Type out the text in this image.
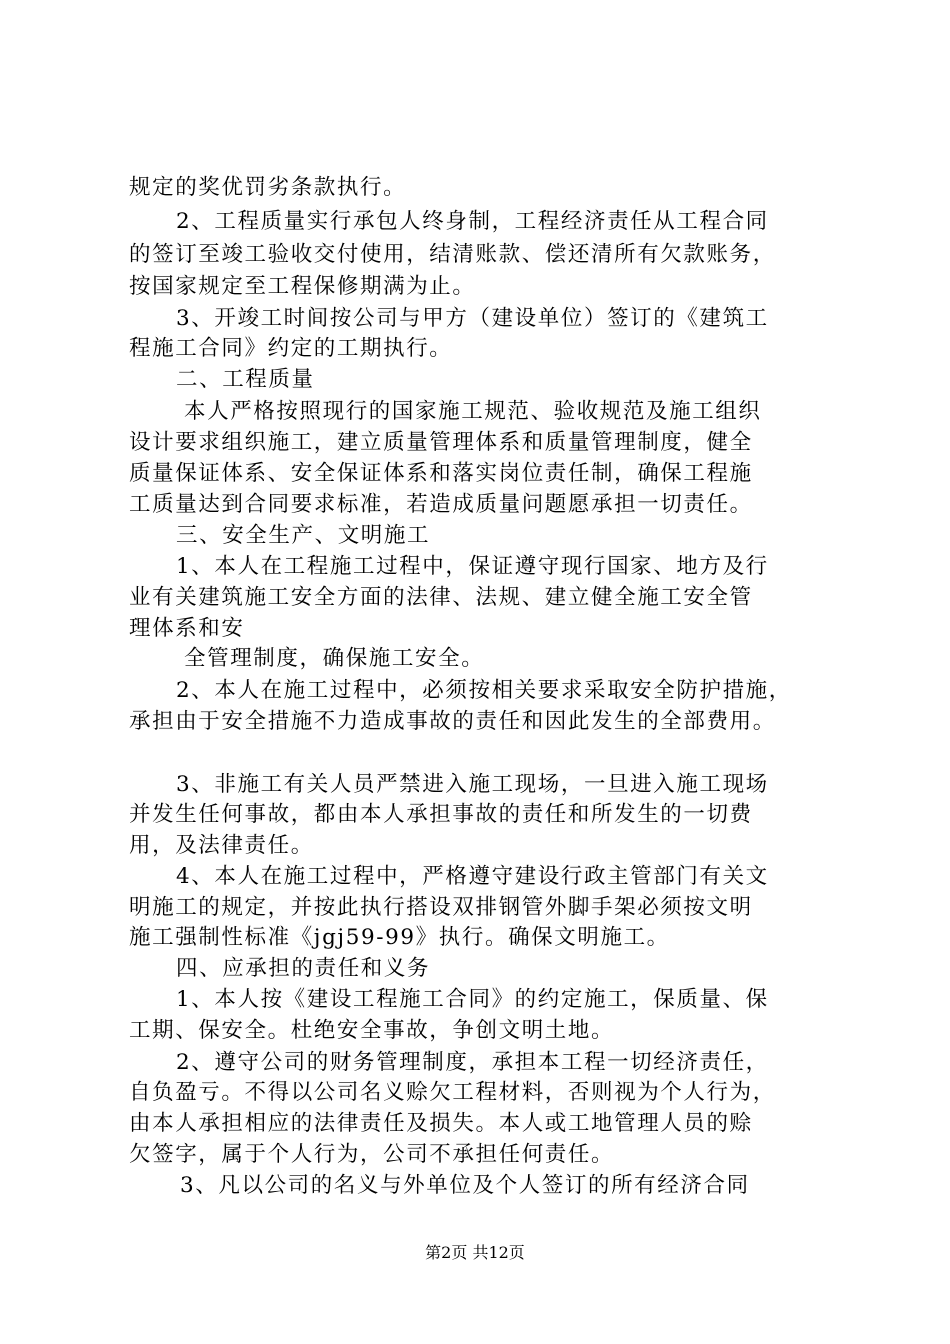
规定的奖优罚劣条款执行。
2、工程质量实行承包人终身制，工程经济责任从工程合同
的签订至竣工验收交付使用，结清账款、偿还清所有欠款账务，
按国家规定至工程保修期满为止。
3、开竣工时间按公司与甲方（建设单位）签订的《建筑工
程施工合同》约定的工期执行。
二、工程质量
本人严格按照现行的国家施工规范、验收规范及施工组织
设计要求组织施工，建立质量管理体系和质量管理制度，健全
质量保证体系、安全保证体系和落实岗位责任制，确保工程施
工质量达到合同要求标准，若造成质量问题愿承担一切责任。
三、安全生产、文明施工
1、本人在工程施工过程中，保证遵守现行国家、地方及行
业有关建筑施工安全方面的法律、法规、建立健全施工安全管
理体系和安
全管理制度，确保施工安全。
2、本人在施工过程中，必须按相关要求采取安全防护措施，
承担由于安全措施不力造成事故的责任和因此发生的全部费用。
3、非施工有关人员严禁进入施工现场，一旦进入施工现场
并发生任何事故，都由本人承担事故的责任和所发生的一切费
用，及法律责任。
4、本人在施工过程中，严格遵守建设行政主管部门有关文
明施工的规定，并按此执行搭设双排钢管外脚手架必须按文明
施工强制性标准《jgj59-99》执行。确保文明施工。
四、应承担的责任和义务
1、本人按《建设工程施工合同》的约定施工，保质量、保
工期、保安全。杜绝安全事故，争创文明土地。
2、遵守公司的财务管理制度，承担本工程一切经济责任，
自负盈亏。不得以公司名义赊欠工程材料，否则视为个人行为，
由本人承担相应的法律责任及损失。本人或工地管理人员的赊
欠签字，属于个人行为，公司不承担任何责任。
3、凡以公司的名义与外单位及个人签订的所有经济合同
第2页 共12页
